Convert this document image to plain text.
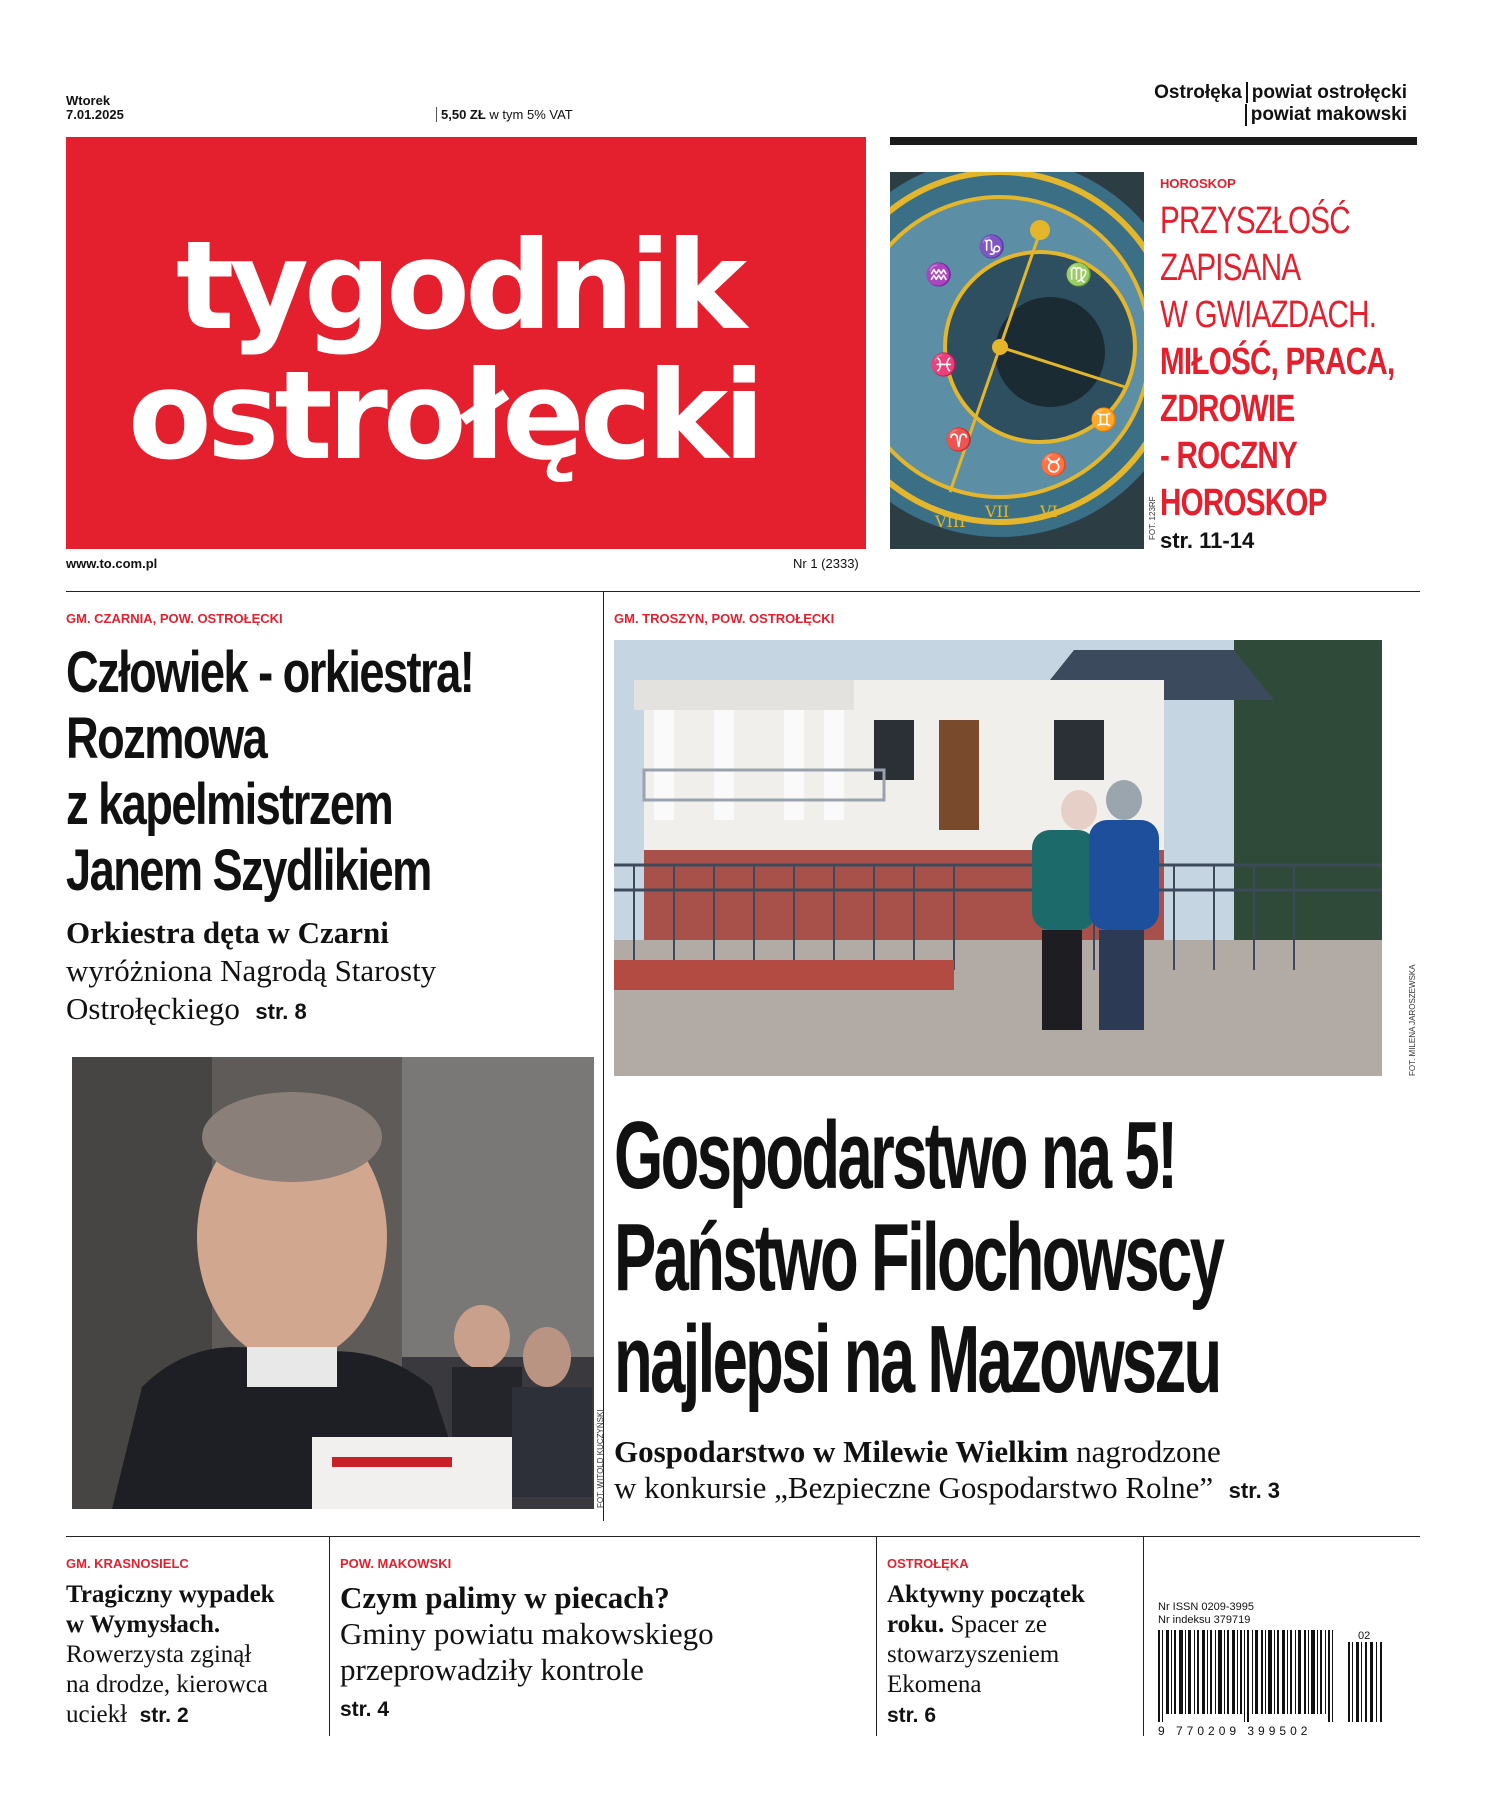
Wtorek
7.01.2025	5,50 ZŁ w tym 5% VAT
Ostrołęka powiat ostrołęcki
powiat makowski
tygodnik
ostrołęcki
www.to.com.pl	Nr 1 (2333)
♒
♑
♍
♓
♈
♉
♊
VII VI
VIII	FOT. 123RF
HOROSKOP
PRZYSZŁOŚĆ
ZAPISANA
W GWIAZDACH.
MIŁOŚĆ, PRACA,
ZDROWIE
- ROCZNY
HOROSKOP
str. 11-14
GM. CZARNIA, POW. OSTROŁĘCKI
Człowiek - orkiestra!
Rozmowa
z kapelmistrzem
Janem Szydlikiem
Orkiestra dęta w Czarni
wyróżniona Nagrodą Starosty
Ostrołęckiego str. 8
FOT. WITOLD KUCZYŃSKI
GM. TROSZYN, POW. OSTROŁĘCKI
FOT. MILENA JAROSZEWSKA
Gospodarstwo na 5!
Państwo Filochowscy
najlepsi na Mazowszu
Gospodarstwo w Milewie Wielkim nagrodzone
w konkursie „Bezpieczne Gospodarstwo Rolne” str. 3
GM. KRASNOSIELC
Tragiczny wypadek
w Wymysłach.
Rowerzysta zginął
na drodze, kierowca
uciekł str. 2
POW. MAKOWSKI
Czym palimy w piecach?
Gminy powiatu makowskiego
przeprowadziły kontrole
str. 4
OSTROŁĘKA
Aktywny początek
roku. Spacer ze
stowarzyszeniem
Ekomena
str. 6
Nr ISSN 0209-3995
Nr indeksu 379719
02
9 770209 399502
